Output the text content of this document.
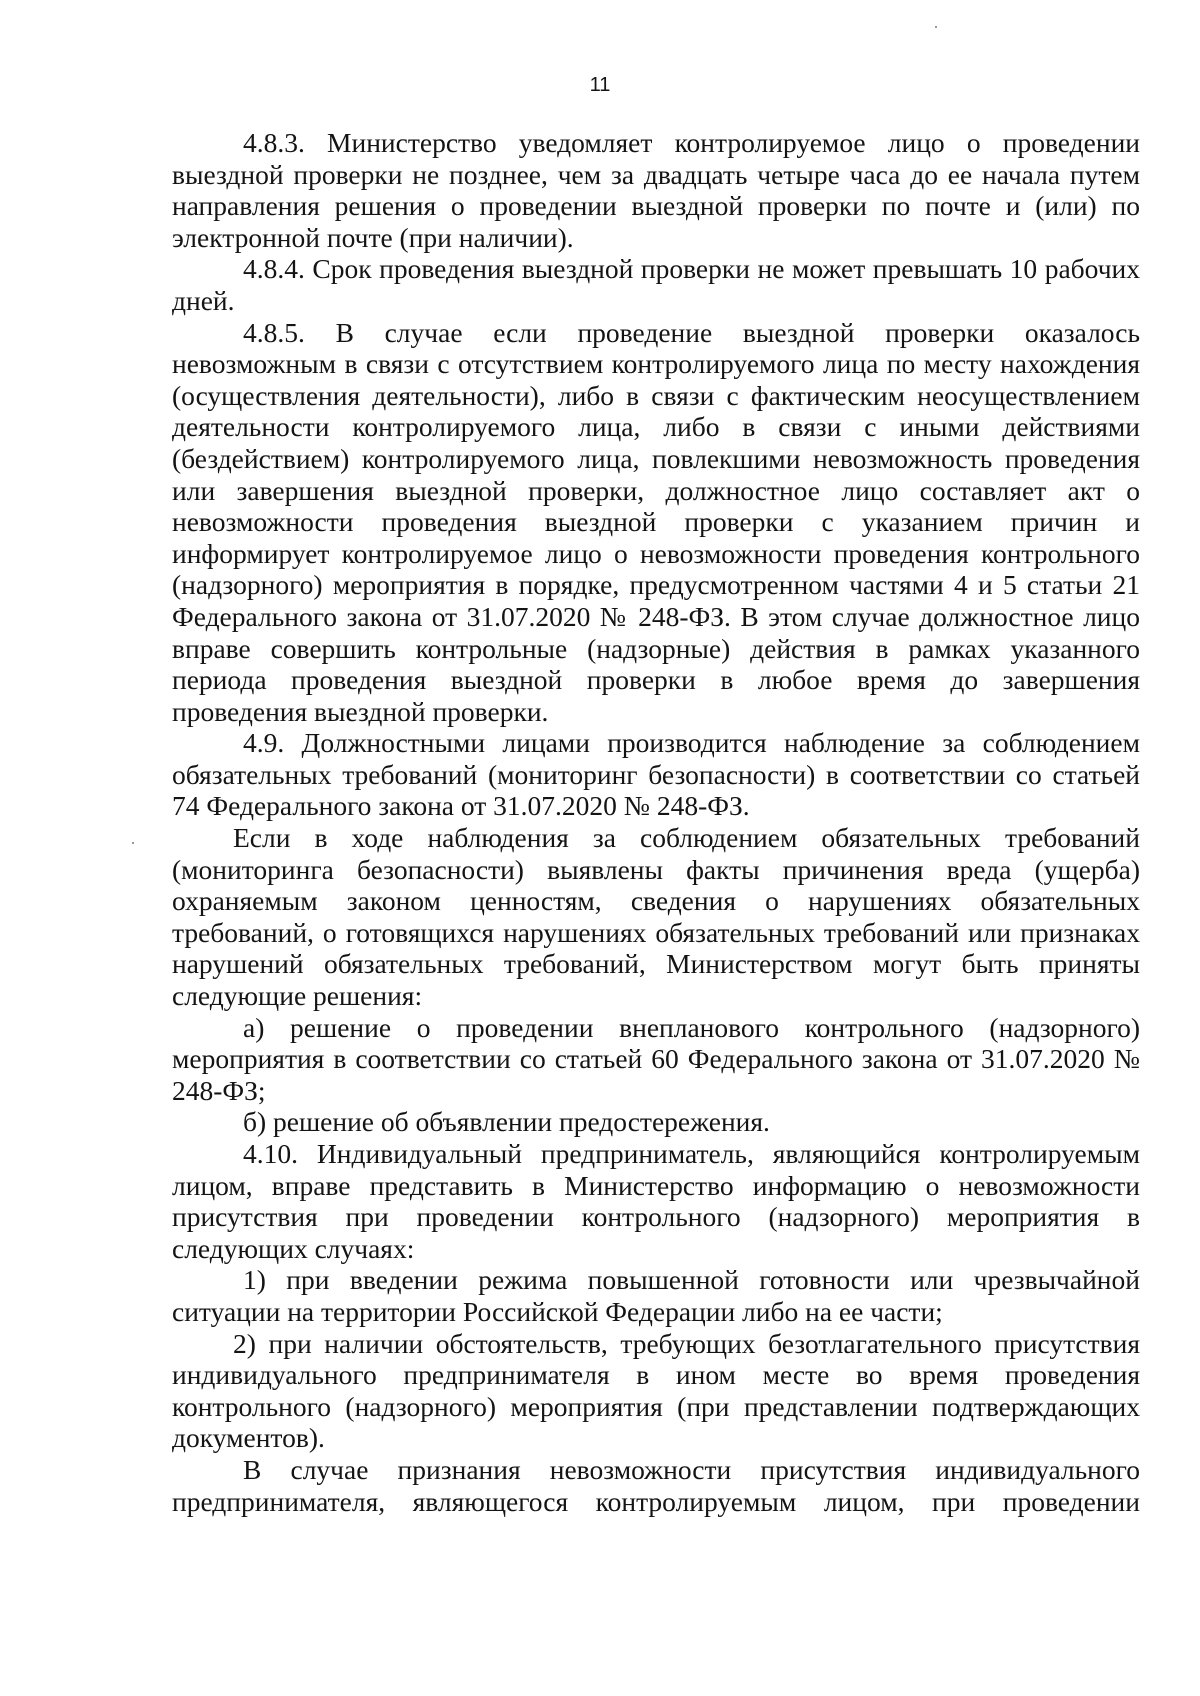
11

4.8.3. Министерство уведомляет контролируемое лицо о проведении выездной проверки не позднее, чем за двадцать четыре часа до ее начала путем направления решения о проведении выездной проверки по почте и (или) по электронной почте (при наличии).

4.8.4. Срок проведения выездной проверки не может превышать 10 рабочих дней.

4.8.5. В случае если проведение выездной проверки оказалось невозможным в связи с отсутствием контролируемого лица по месту нахождения (осуществления деятельности), либо в связи с фактическим неосуществлением деятельности контролируемого лица, либо в связи с иными действиями (бездействием) контролируемого лица, повлекшими невозможность проведения или завершения выездной проверки, должностное лицо составляет акт о невозможности проведения выездной проверки с указанием причин и информирует контролируемое лицо о невозможности проведения контрольного (надзорного) мероприятия в порядке, предусмотренном частями 4 и 5 статьи 21 Федерального закона от 31.07.2020 № 248-ФЗ. В этом случае должностное лицо вправе совершить контрольные (надзорные) действия в рамках указанного периода проведения выездной проверки в любое время до завершения проведения выездной проверки.

4.9. Должностными лицами производится наблюдение за соблюдением обязательных требований (мониторинг безопасности) в соответствии со статьей 74 Федерального закона от 31.07.2020 № 248-ФЗ.

Если в ходе наблюдения за соблюдением обязательных требований (мониторинга безопасности) выявлены факты причинения вреда (ущерба) охраняемым законом ценностям, сведения о нарушениях обязательных требований, о готовящихся нарушениях обязательных требований или признаках нарушений обязательных требований, Министерством могут быть приняты следующие решения:

а) решение о проведении внепланового контрольного (надзорного) мероприятия в соответствии со статьей 60 Федерального закона от 31.07.2020 № 248-ФЗ;

б) решение об объявлении предостережения.

4.10. Индивидуальный предприниматель, являющийся контролируемым лицом, вправе представить в Министерство информацию о невозможности присутствия при проведении контрольного (надзорного) мероприятия в следующих случаях:

1) при введении режима повышенной готовности или чрезвычайной ситуации на территории Российской Федерации либо на ее части;

2) при наличии обстоятельств, требующих безотлагательного присутствия индивидуального предпринимателя в ином месте во время проведения контрольного (надзорного) мероприятия (при представлении подтверждающих документов).

В случае признания невозможности присутствия индивидуального предпринимателя, являющегося контролируемым лицом, при проведении
